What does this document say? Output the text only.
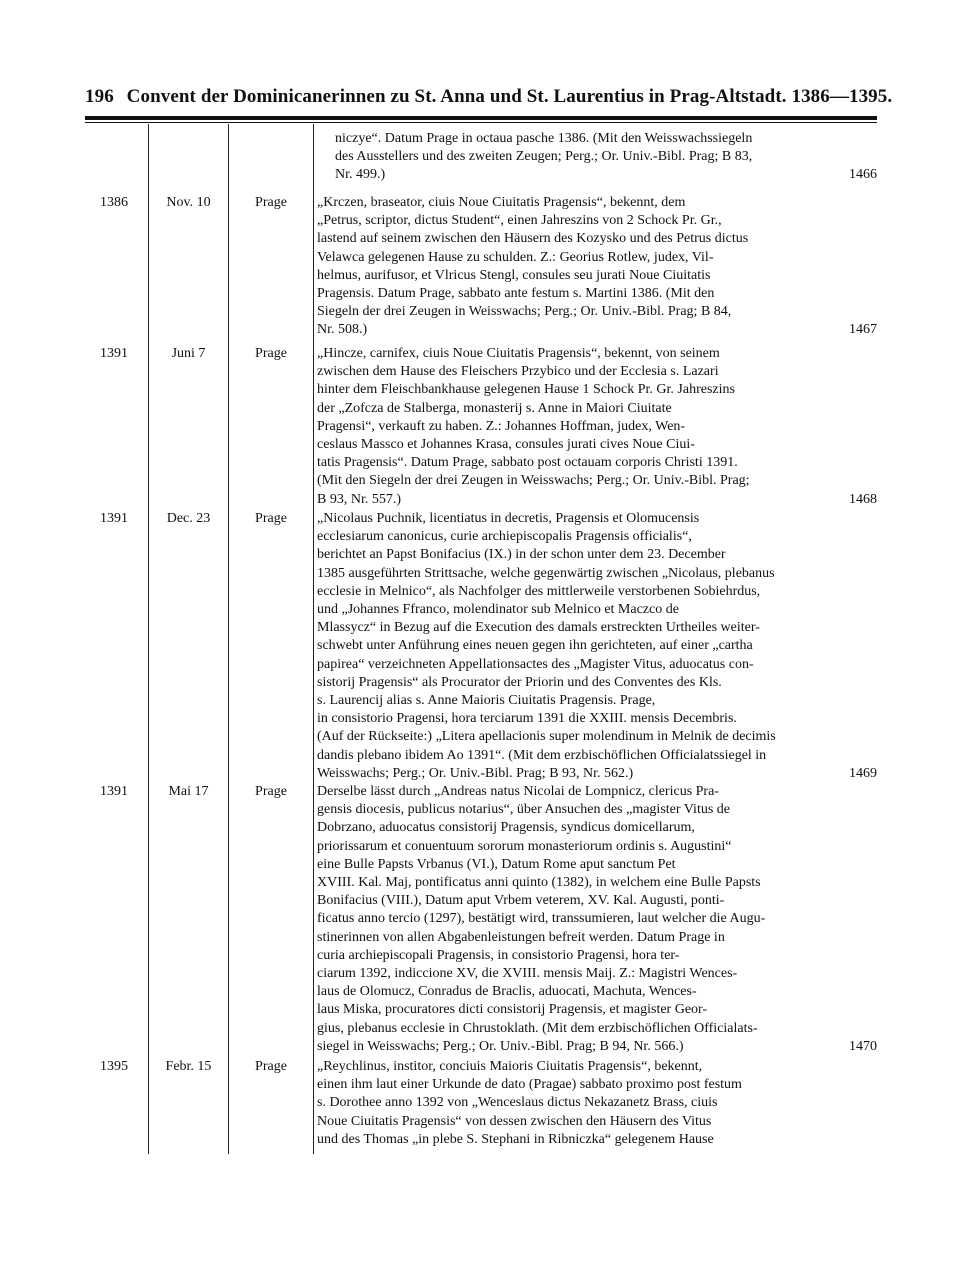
196 Convent der Dominicanerinnen zu St. Anna und St. Laurentius in Prag-Altstadt. 1386—1395.
niczye“. Datum Prage in octaua pasche 1386. (Mit den Weisswachssiegeln
des Ausstellers und des zweiten Zeugen; Perg.; Or. Univ.-Bibl. Prag; B 83,
Nr. 499.)	1466
1386	Nov. 10	Prage	„Krczen, braseator, ciuis Noue Ciuitatis Pragensis“, bekennt, dem
„Petrus, scriptor, dictus Student“, einen Jahreszins von 2 Schock Pr. Gr.,
lastend auf seinem zwischen den Häusern des Kozysko und des Petrus dictus
Velawca gelegenen Hause zu schulden. Z.: Georius Rotlew, judex, Vil-
helmus, aurifusor, et Vlricus Stengl, consules seu jurati Noue Ciuitatis
Pragensis. Datum Prage, sabbato ante festum s. Martini 1386. (Mit den
Siegeln der drei Zeugen in Weisswachs; Perg.; Or. Univ.-Bibl. Prag; B 84,
Nr. 508.)	1467
1391	Juni 7	Prage	„Hincze, carnifex, ciuis Noue Ciuitatis Pragensis“, bekennt, von seinem
zwischen dem Hause des Fleischers Przybico und der Ecclesia s. Lazari
hinter dem Fleischbankhause gelegenen Hause 1 Schock Pr. Gr. Jahreszins
der „Zofcza de Stalberga, monasterij s. Anne in Maiori Ciuitate
Pragensi“, verkauft zu haben. Z.: Johannes Hoffman, judex, Wen-
ceslaus Massco et Johannes Krasa, consules jurati cives Noue Ciui-
tatis Pragensis“. Datum Prage, sabbato post octauam corporis Christi 1391.
(Mit den Siegeln der drei Zeugen in Weisswachs; Perg.; Or. Univ.-Bibl. Prag;
B 93, Nr. 557.)	1468
1391	Dec. 23	Prage	„Nicolaus Puchnik, licentiatus in decretis, Pragensis et Olomucensis
ecclesiarum canonicus, curie archiepiscopalis Pragensis officialis“,
berichtet an Papst Bonifacius (IX.) in der schon unter dem 23. December
1385 ausgeführten Strittsache, welche gegenwärtig zwischen „Nicolaus, plebanus
ecclesie in Melnico“, als Nachfolger des mittlerweile verstorbenen Sobiehrdus,
und „Johannes Ffranco, molendinator sub Melnico et Maczco de
Mlassycz“ in Bezug auf die Execution des damals erstreckten Urtheiles weiter-
schwebt unter Anführung eines neuen gegen ihn gerichteten, auf einer „cartha
papirea“ verzeichneten Appellationsactes des „Magister Vitus, aduocatus con-
sistorij Pragensis“ als Procurator der Priorin und des Conventes des Kls.
s. Laurencij alias s. Anne Maioris Ciuitatis Pragensis. Prage,
in consistorio Pragensi, hora terciarum 1391 die XXIII. mensis Decembris.
(Auf der Rückseite:) „Litera apellacionis super molendinum in Melnik de decimis
dandis plebano ibidem Ao 1391“. (Mit dem erzbischöflichen Officialatssiegel in
Weisswachs; Perg.; Or. Univ.-Bibl. Prag; B 93, Nr. 562.)	1469
1391	Mai 17	Prage	Derselbe lässt durch „Andreas natus Nicolai de Lompnicz, clericus Pra-
gensis diocesis, publicus notarius“, über Ansuchen des „magister Vitus de
Dobrzano, aduocatus consistorij Pragensis, syndicus domicellarum,
priorissarum et conuentuum sororum monasteriorum ordinis s. Augustini“
eine Bulle Papsts Vrbanus (VI.), Datum Rome aput sanctum Pet
XVIII. Kal. Maj, pontificatus anni quinto (1382), in welchem eine Bulle Papsts
Bonifacius (VIII.), Datum aput Vrbem veterem, XV. Kal. Augusti, ponti-
ficatus anno tercio (1297), bestätigt wird, transsumieren, laut welcher die Augu-
stinerinnen von allen Abgabenleistungen befreit werden. Datum Prage in
curia archiepiscopali Pragensis, in consistorio Pragensi, hora ter-
ciarum 1392, indiccione XV, die XVIII. mensis Maij. Z.: Magistri Wences-
laus de Olomucz, Conradus de Braclis, aduocati, Machuta, Wences-
laus Miska, procuratores dicti consistorij Pragensis, et magister Geor-
gius, plebanus ecclesie in Chrustoklath. (Mit dem erzbischöflichen Officialats-
siegel in Weisswachs; Perg.; Or. Univ.-Bibl. Prag; B 94, Nr. 566.)	1470
1395	Febr. 15	Prage	„Reychlinus, institor, conciuis Maioris Ciuitatis Pragensis“, bekennt,
einen ihm laut einer Urkunde de dato (Pragae) sabbato proximo post festum
s. Dorothee anno 1392 von „Wenceslaus dictus Nekazanetz Brass, ciuis
Noue Ciuitatis Pragensis“ von dessen zwischen den Häusern des Vitus
und des Thomas „in plebe S. Stephani in Ribniczka“ gelegenem Hause
